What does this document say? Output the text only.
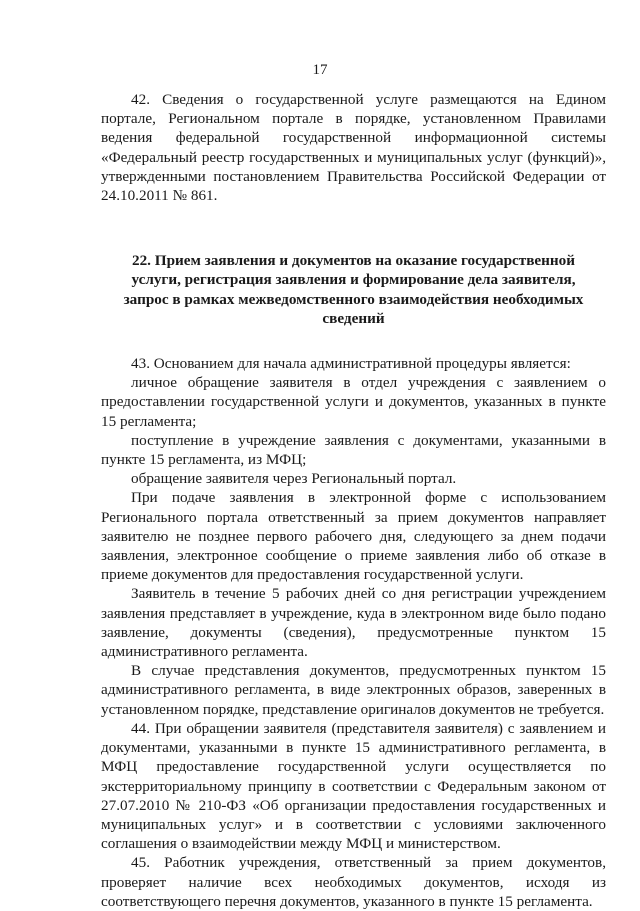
17

42. Сведения о государственной услуге размещаются на Едином портале, Региональном портале в порядке, установленном Правилами ведения федеральной государственной информационной системы «Федеральный реестр государственных и муниципальных услуг (функций)», утвержденными постановлением Правительства Российской Федерации от 24.10.2011 № 861.

22. Прием заявления и документов на оказание государственной услуги, регистрация заявления и формирование дела заявителя, запрос в рамках межведомственного взаимодействия необходимых сведений

43. Основанием для начала административной процедуры является:

личное обращение заявителя в отдел учреждения с заявлением о предоставлении государственной услуги и документов, указанных в пункте 15 регламента;

поступление в учреждение заявления с документами, указанными в пункте 15 регламента, из МФЦ;

обращение заявителя через Региональный портал.

При подаче заявления в электронной форме с использованием Регионального портала ответственный за прием документов направляет заявителю не позднее первого рабочего дня, следующего за днем подачи заявления, электронное сообщение о приеме заявления либо об отказе в приеме документов для предоставления государственной услуги.

Заявитель в течение 5 рабочих дней со дня регистрации учреждением заявления представляет в учреждение, куда в электронном виде было подано заявление, документы (сведения), предусмотренные пунктом 15 административного регламента.

В случае представления документов, предусмотренных пунктом 15 административного регламента, в виде электронных образов, заверенных в установленном порядке, представление оригиналов документов не требуется.

44. При обращении заявителя (представителя заявителя) с заявлением и документами, указанными в пункте 15 административного регламента, в МФЦ предоставление государственной услуги осуществляется по экстерриториальному принципу в соответствии с Федеральным законом от 27.07.2010 № 210-ФЗ «Об организации предоставления государственных и муниципальных услуг» и в соответствии с условиями заключенного соглашения о взаимодействии между МФЦ и министерством.

45. Работник учреждения, ответственный за прием документов, проверяет наличие всех необходимых документов, исходя из соответствующего перечня документов, указанного в пункте 15 регламента.
